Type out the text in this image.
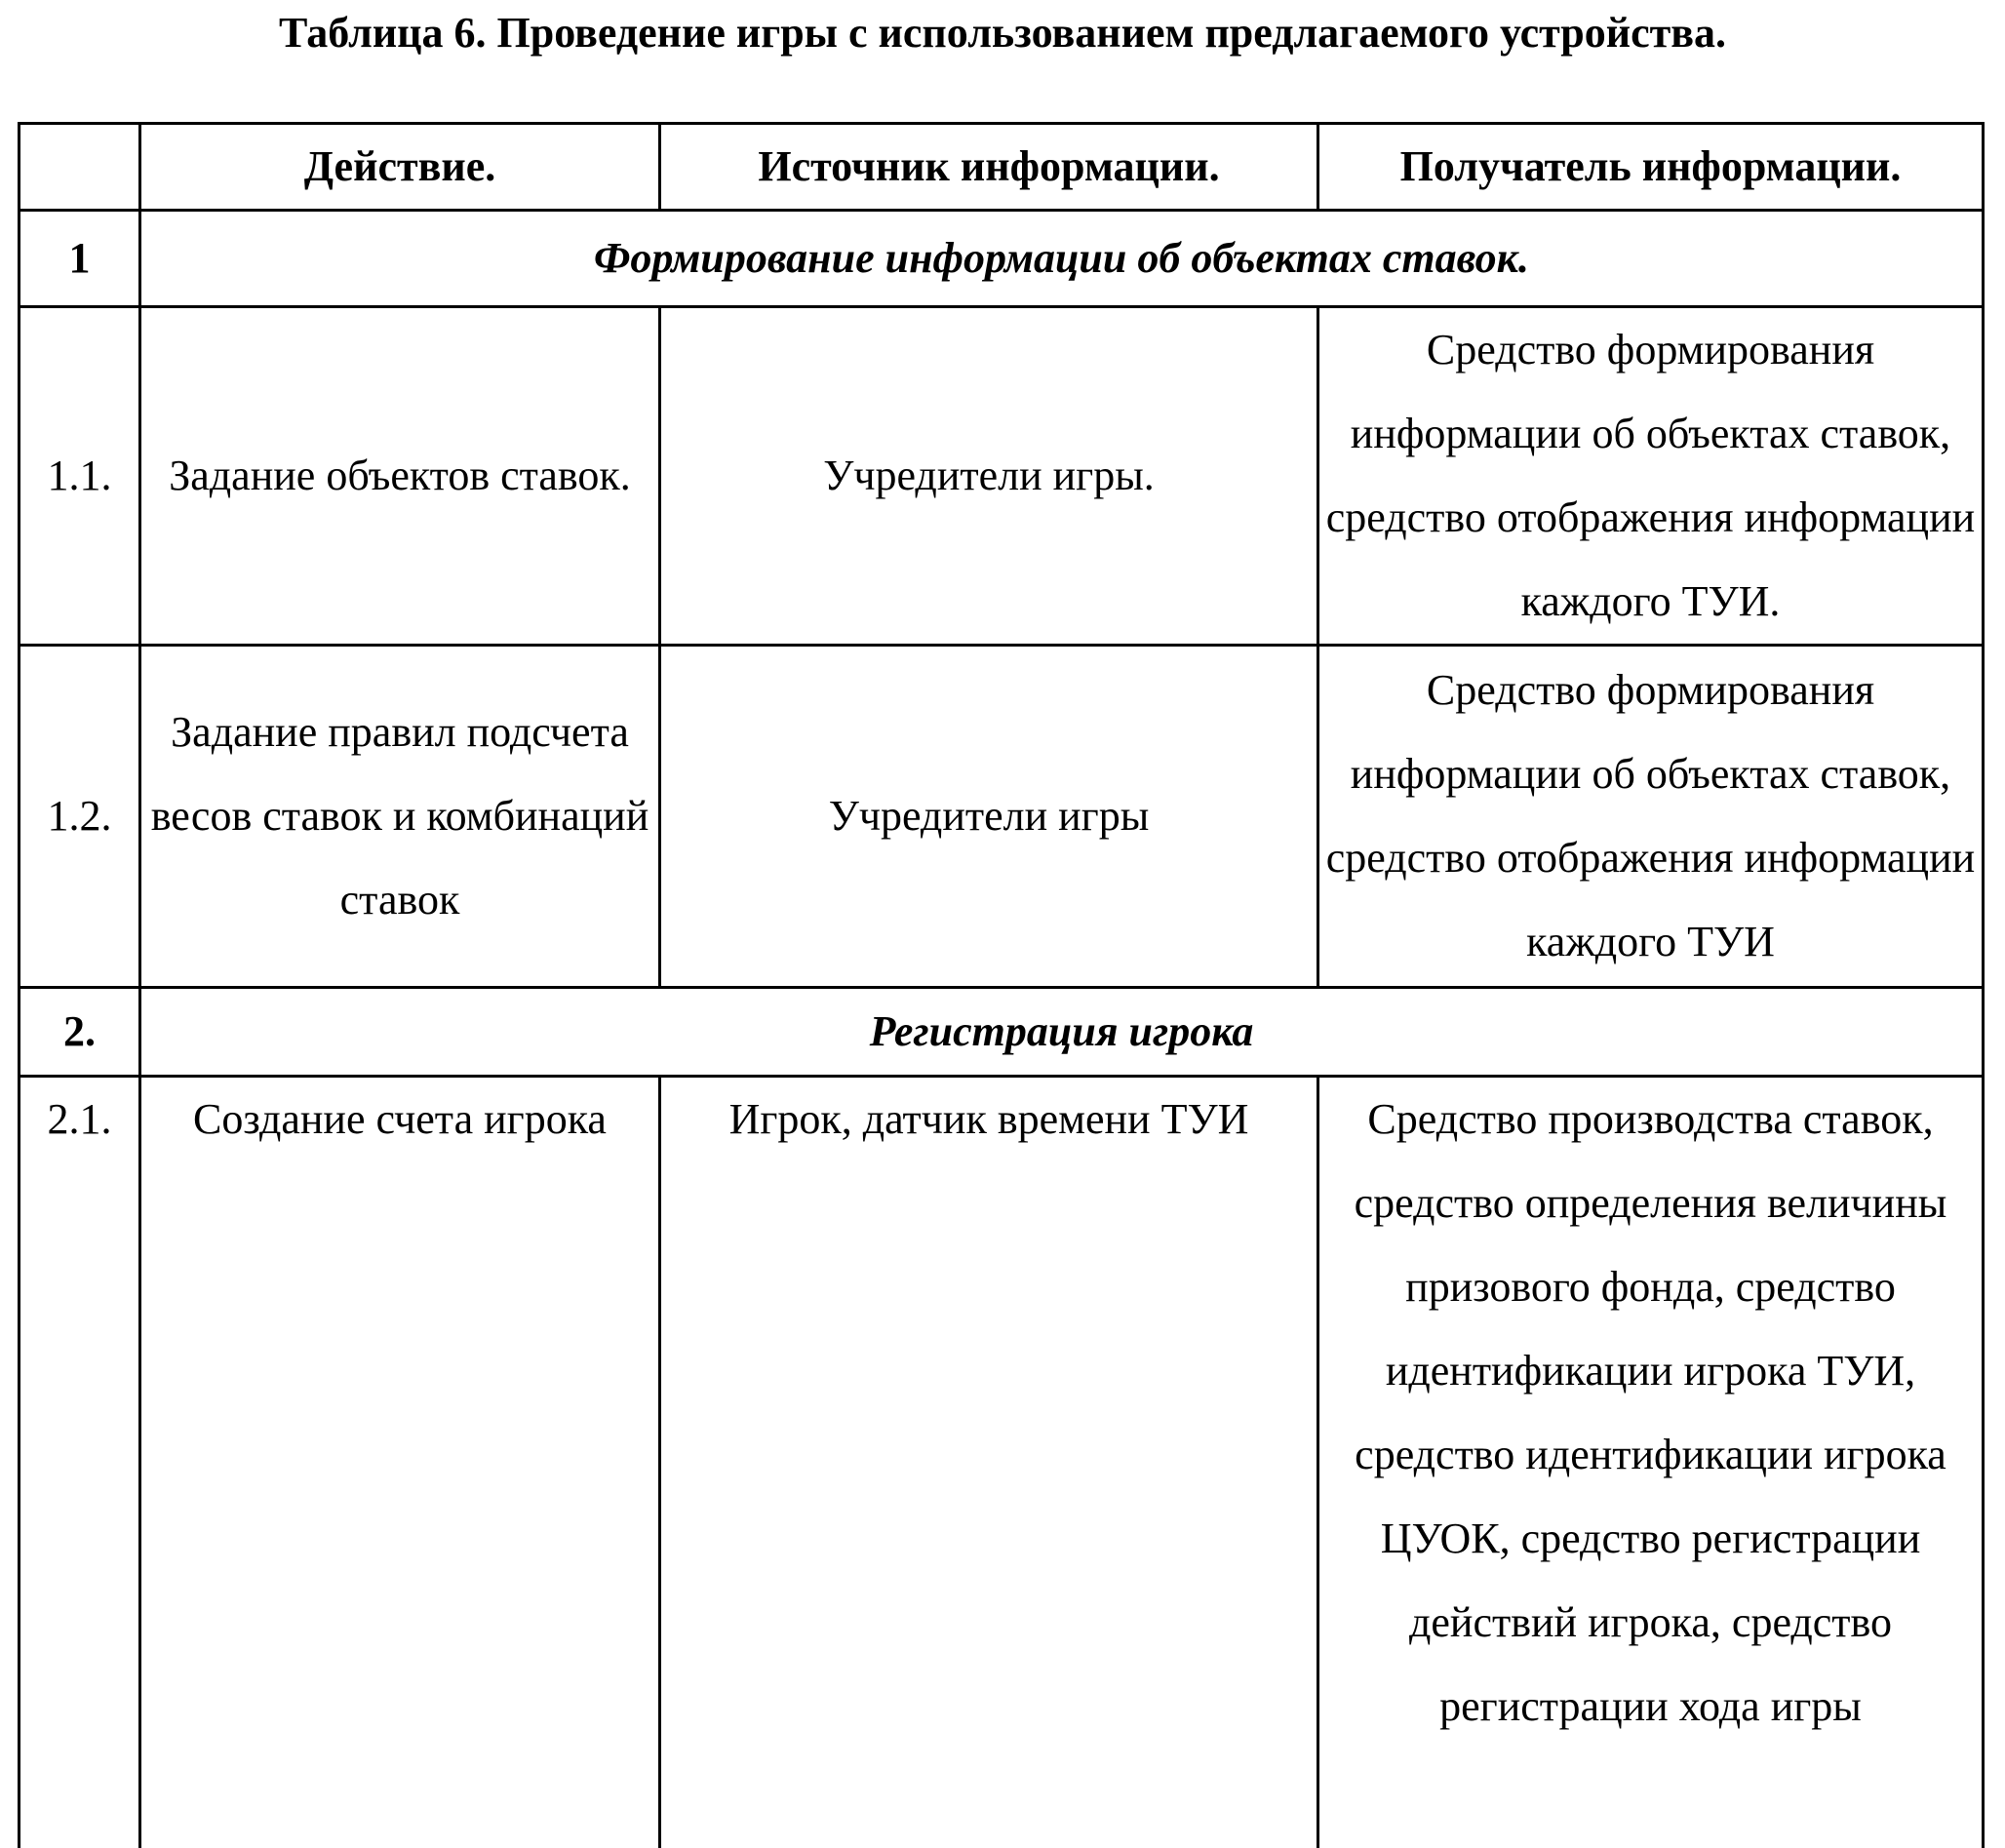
Таблица 6. Проведение игры с использованием предлагаемого устройства.
	Действие.	Источник информации.	Получатель информации.
1	Формирование информации об объектах ставок.
1.1.	Задание объектов ставок.	Учредители игры.	Средство формирования информации об объектах ставок, средство отображения информации каждого ТУИ.
1.2.	Задание правил подсчета весов ставок и комбинаций ставок	Учредители игры	Средство формирования информации об объектах ставок, средство отображения информации каждого ТУИ
2.	Регистрация игрока
2.1.	Создание счета игрока	Игрок, датчик времени ТУИ	Средство производства ставок, средство определения величины призового фонда, средство идентификации игрока ТУИ, средство идентификации игрока ЦУОК, средство регистрации действий игрока, средство регистрации хода игры
